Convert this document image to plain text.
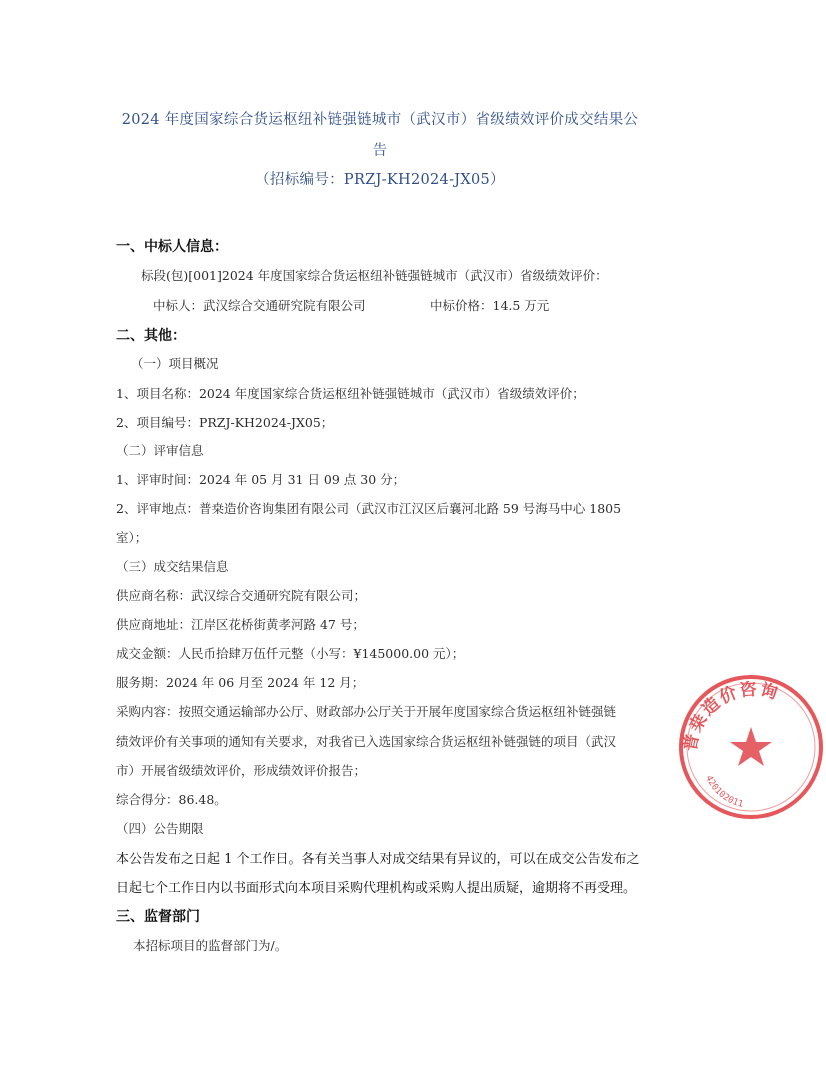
2024 年度国家综合货运枢纽补链强链城市（武汉市）省级绩效评价成交结果公
告
（招标编号：PRZJ-KH2024-JX05）
一、中标人信息：
标段(包)[001]2024 年度国家综合货运枢纽补链强链城市（武汉市）省级绩效评价：
中标人：武汉综合交通研究院有限公司	中标价格：14.5 万元
二、其他：
（一）项目概况
1、项目名称：2024 年度国家综合货运枢纽补链强链城市（武汉市）省级绩效评价；
2、项目编号：PRZJ-KH2024-JX05；
（二）评审信息
1、评审时间：2024 年 05 月 31 日 09 点 30 分；
2、评审地点：普桒造价咨询集团有限公司（武汉市江汉区后襄河北路 59 号海马中心 1805
室）；
（三）成交结果信息
供应商名称：武汉综合交通研究院有限公司；
供应商地址：江岸区花桥街黄孝河路 47 号；
成交金额：人民币拾肆万伍仟元整（小写：¥145000.00 元）；
服务期：2024 年 06 月至 2024 年 12 月；
采购内容：按照交通运输部办公厅、财政部办公厅关于开展年度国家综合货运枢纽补链强链
绩效评价有关事项的通知有关要求，对我省已入选国家综合货运枢纽补链强链的项目（武汉
市）开展省级绩效评价，形成绩效评价报告；
综合得分：86.48。
（四）公告期限
本公告发布之日起 1 个工作日。各有关当事人对成交结果有异议的，可以在成交公告发布之
日起七个工作日内以书面形式向本项目采购代理机构或采购人提出质疑，逾期将不再受理。
三、监督部门
本招标项目的监督部门为/。
普桒造价咨询
420102011
